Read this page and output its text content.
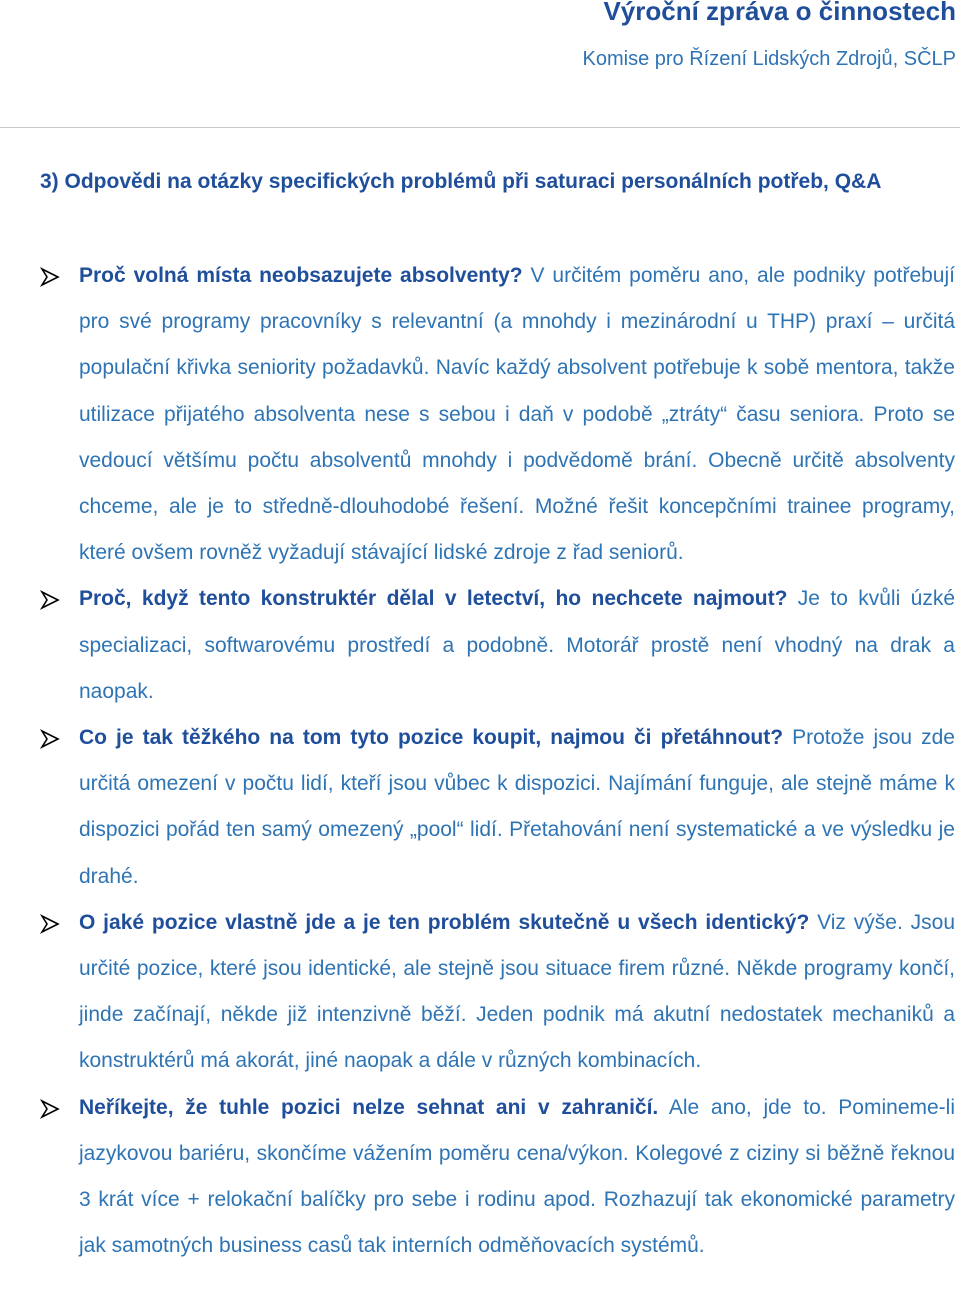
Výroční zpráva o činnostech
Komise pro Řízení Lidských Zdrojů, SČLP
3) Odpovědi na otázky specifických problémů při saturaci personálních potřeb, Q&A

Proč volná místa neobsazujete absolventy? V určitém poměru ano, ale podniky potřebují pro své programy pracovníky s relevantní (a mnohdy i mezinárodní u THP) praxí – určitá populační křivka seniority požadavků. Navíc každý absolvent potřebuje k sobě mentora, takže utilizace přijatého absolventa nese s sebou i daň v podobě „ztráty“ času seniora. Proto se vedoucí většímu počtu absolventů mnohdy i podvědomě brání. Obecně určitě absolventy chceme, ale je to středně-dlouhodobé řešení. Možné řešit koncepčními trainee programy, které ovšem rovněž vyžadují stávající lidské zdroje z řad seniorů.

Proč, když tento konstruktér dělal v letectví, ho nechcete najmout? Je to kvůli úzké specializaci, softwarovému prostředí a podobně. Motorář prostě není vhodný na drak a naopak.

Co je tak těžkého na tom tyto pozice koupit, najmou či přetáhnout? Protože jsou zde určitá omezení v počtu lidí, kteří jsou vůbec k dispozici. Najímání funguje, ale stejně máme k dispozici pořád ten samý omezený „pool“ lidí. Přetahování není systematické a ve výsledku je drahé.

O jaké pozice vlastně jde a je ten problém skutečně u všech identický? Viz výše. Jsou určité pozice, které jsou identické, ale stejně jsou situace firem různé. Někde programy končí, jinde začínají, někde již intenzivně běží. Jeden podnik má akutní nedostatek mechaniků a konstruktérů má akorát, jiné naopak a dále v různých kombinacích.

Neříkejte, že tuhle pozici nelze sehnat ani v zahraničí. Ale ano, jde to. Pomineme-li jazykovou bariéru, skončíme vážením poměru cena/výkon. Kolegové z ciziny si běžně řeknou 3 krát více + relokační balíčky pro sebe i rodinu apod. Rozhazují tak ekonomické parametry jak samotných business casů tak interních odměňovacích systémů.
